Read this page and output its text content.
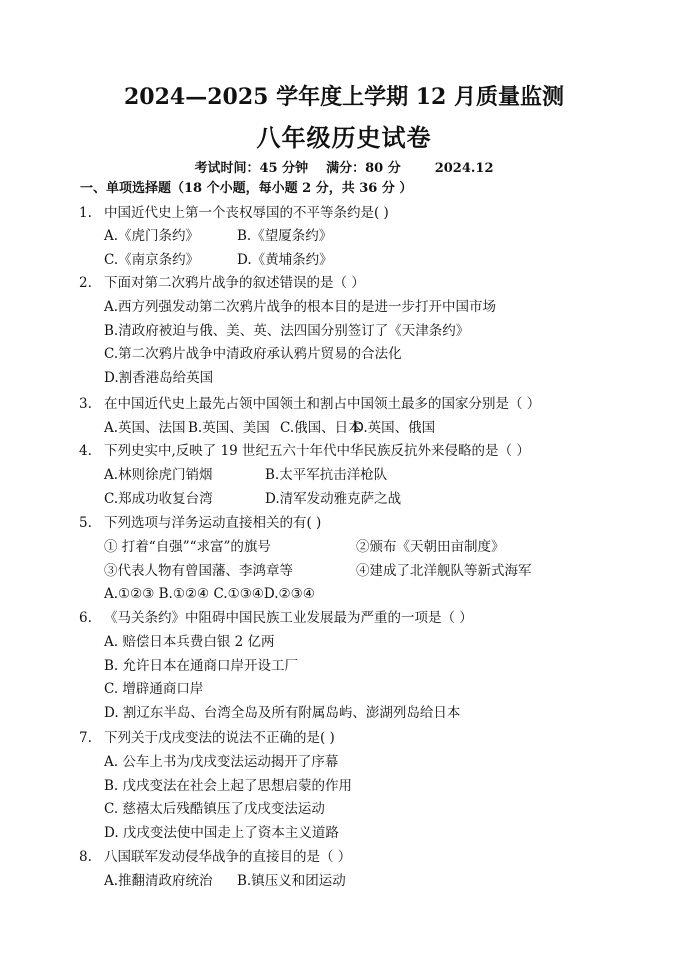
2024—2025 学年度上学期 12 月质量监测
八年级历史试卷
考试时间：45 分钟 满分：80 分	2024.12
一、单项选择题（18 个小题，每小题 2 分，共 36 分 ）
1. 中国近代史上第一个丧权辱国的不平等条约是( )
A.《虎门条约》	B.《望厦条约》
C.《南京条约》	D.《黄埔条约》
2. 下面对第二次鸦片战争的叙述错误的是（ ）
A.西方列强发动第二次鸦片战争的根本目的是进一步打开中国市场
B.清政府被迫与俄、美、英、法四国分别签订了《天津条约》
C.第二次鸦片战争中清政府承认鸦片贸易的合法化
D.割香港岛给英国
3. 在中国近代史上最先占领中国领土和割占中国领土最多的国家分别是（ ）
A.英国、法国 B.英国、美国 C.俄国、日本
D.英国、俄国
4. 下列史实中,反映了 19 世纪五六十年代中华民族反抗外来侵略的是（ ）
A.林则徐虎门销烟	B.太平军抗击洋枪队
C.郑成功收复台湾	D.清军发动雅克萨之战
5. 下列选项与洋务运动直接相关的有( )
① 打着“自强”“求富”的旗号	②颁布《天朝田亩制度》
③代表人物有曾国藩、李鸿章等	④建成了北洋舰队等新式海军
A.①②③ B.①②④ C.①③④D.②③④
6. 《马关条约》中阻碍中国民族工业发展最为严重的一项是（ ）
A. 赔偿日本兵费白银 2 亿两
B. 允许日本在通商口岸开设工厂
C. 增辟通商口岸
D. 割辽东半岛、台湾全岛及所有附属岛屿、澎湖列岛给日本
7. 下列关于戊戌变法的说法不正确的是( )
A. 公车上书为戊戌变法运动揭开了序幕
B. 戊戌变法在社会上起了思想启蒙的作用
C. 慈禧太后残酷镇压了戊戌变法运动
D. 戊戌变法使中国走上了资本主义道路
8. 八国联军发动侵华战争的直接目的是（ ）
A.推翻清政府统治 B.镇压义和团运动
